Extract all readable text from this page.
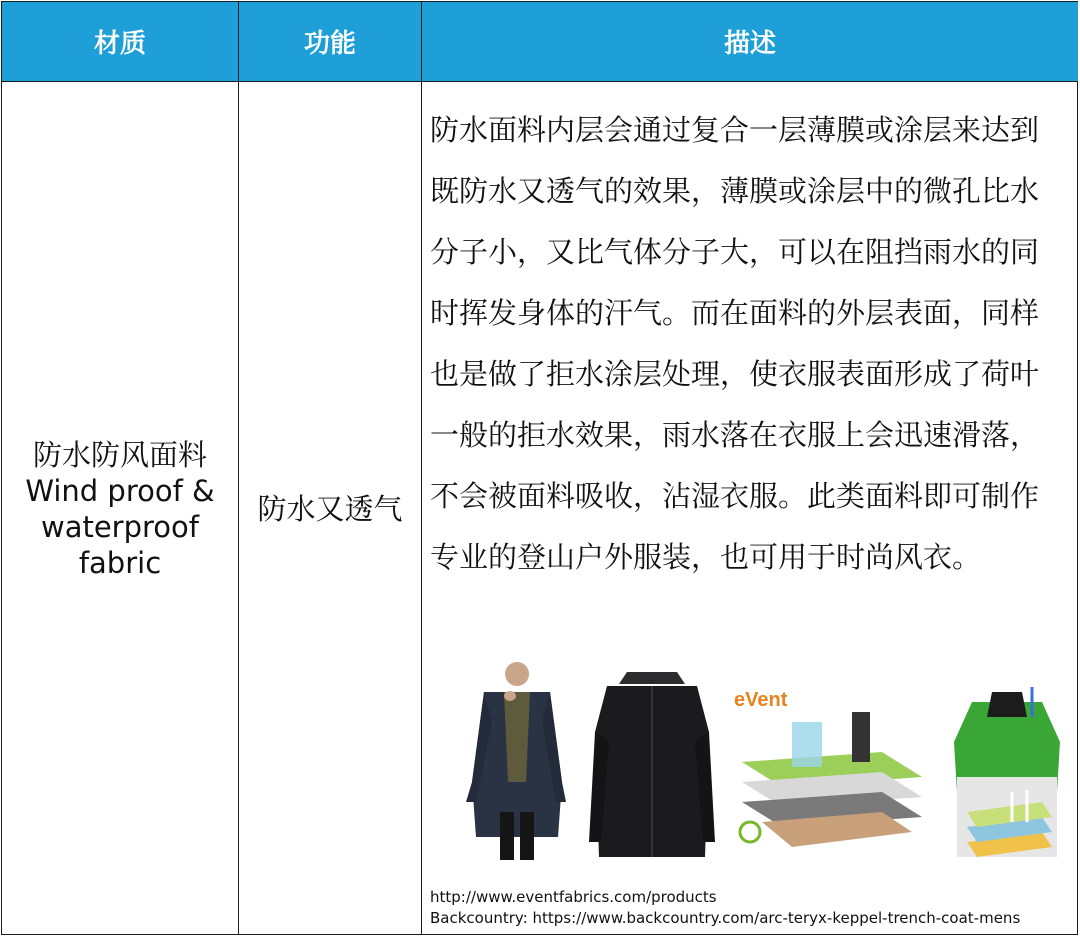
材质	功能	描述
防水防风面料
Wind proof &
waterproof
fabric
防水又透气
防水面料内层会通过复合一层薄膜或涂层来达到
既防水又透气的效果，薄膜或涂层中的微孔比水
分子小，又比气体分子大，可以在阻挡雨水的同
时挥发身体的汗气。而在面料的外层表面，同样
也是做了拒水涂层处理，使衣服表面形成了荷叶
一般的拒水效果，雨水落在衣服上会迅速滑落，
不会被面料吸收，沾湿衣服。此类面料即可制作
专业的登山户外服装，也可用于时尚风衣。
eVent
http://www.eventfabrics.com/products
Backcountry: https://www.backcountry.com/arc-teryx-keppel-trench-coat-mens
